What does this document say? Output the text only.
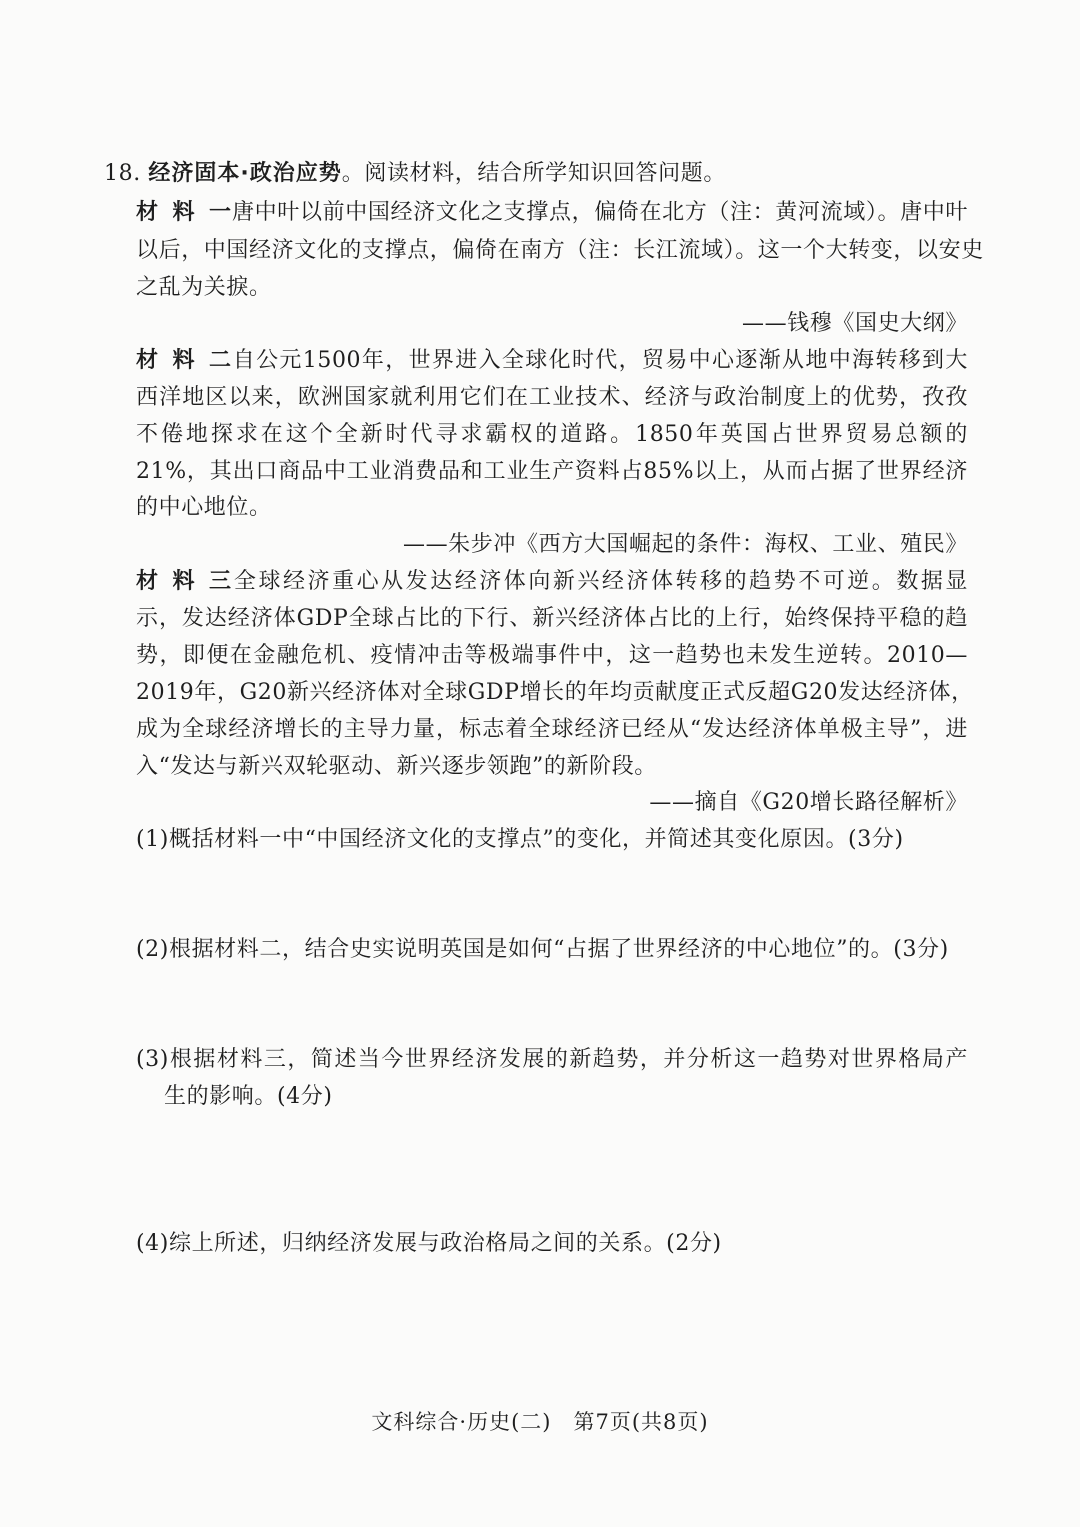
18. 经济固本·政治应势。阅读材料，结合所学知识回答问题。
材料一唐中叶以前中国经济文化之支撑点，偏倚在北方（注：黄河流域）。唐中叶
以后，中国经济文化的支撑点，偏倚在南方（注：长江流域）。这一个大转变，以安史
之乱为关捩。
——钱穆《国史大纲》
材料二自公元1500年，世界进入全球化时代，贸易中心逐渐从地中海转移到大
西洋地区以来，欧洲国家就利用它们在工业技术、经济与政治制度上的优势，孜孜
不倦地探求在这个全新时代寻求霸权的道路。1850年英国占世界贸易总额的
21%，其出口商品中工业消费品和工业生产资料占85%以上，从而占据了世界经济
的中心地位。
——朱步冲《西方大国崛起的条件：海权、工业、殖民》
材料三全球经济重心从发达经济体向新兴经济体转移的趋势不可逆。数据显
示，发达经济体GDP全球占比的下行、新兴经济体占比的上行，始终保持平稳的趋
势，即便在金融危机、疫情冲击等极端事件中，这一趋势也未发生逆转。2010—
2019年，G20新兴经济体对全球GDP增长的年均贡献度正式反超G20发达经济体，
成为全球经济增长的主导力量，标志着全球经济已经从“发达经济体单极主导”，进
入“发达与新兴双轮驱动、新兴逐步领跑”的新阶段。
——摘自《G20增长路径解析》
(1)概括材料一中“中国经济文化的支撑点”的变化，并简述其变化原因。(3分)
(2)根据材料二，结合史实说明英国是如何“占据了世界经济的中心地位”的。(3分)
(3)根据材料三，简述当今世界经济发展的新趋势，并分析这一趋势对世界格局产
生的影响。(4分)
(4)综上所述，归纳经济发展与政治格局之间的关系。(2分)
文科综合·历史(二)　第7页(共8页)
